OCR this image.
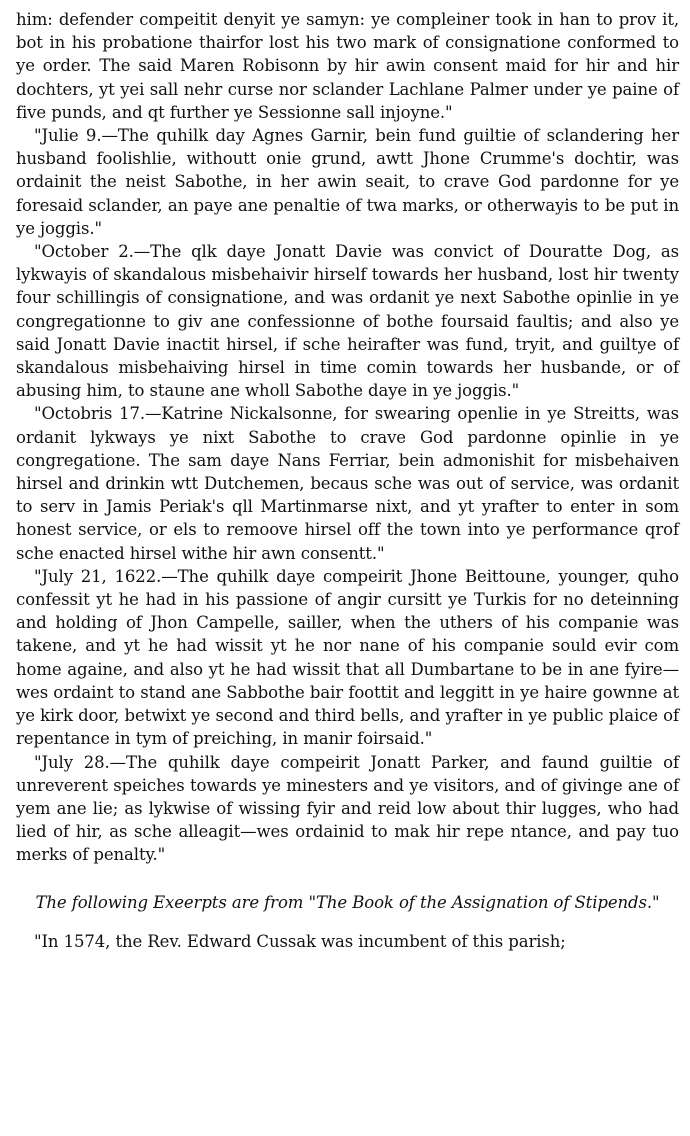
him: defender compeitit denyit ye samyn: ye compleiner took in han to prov it, bot in his probatione thairfor lost his two mark of consignatione conformed to ye order. The said Maren Robisonn by hir awin consent maid for hir and hir dochters, yt yei sall nehr curse nor sclander Lachlane Palmer under ye paine of five punds, and qt further ye Sessionne sall injoyne."

"Julie 9.—The quhilk day Agnes Garnir, bein fund guiltie of sclandering her husband foolishlie, withoutt onie grund, awtt Jhone Crumme's dochtir, was ordainit the neist Sabothe, in her awin seait, to crave God pardonne for ye foresaid sclander, an paye ane penaltie of twa marks, or otherwayis to be put in ye joggis."

"October 2.—The qlk daye Jonatt Davie was convict of Douratte Dog, as lykwayis of skandalous misbehaivir hirself towards her husband, lost hir twenty four schillingis of consignatione, and was ordanit ye next Sabothe opinlie in ye congregationne to giv ane confessionne of bothe foursaid faultis; and also ye said Jonatt Davie inactit hirsel, if sche heirafter was fund, tryit, and guiltye of skandalous misbehaiving hirsel in time comin towards her husbande, or of abusing him, to staune ane wholl Sabothe daye in ye joggis."

"Octobris 17.—Katrine Nickalsonne, for swearing openlie in ye Streitts, was ordanit lykways ye nixt Sabothe to crave God pardonne opinlie in ye congregatione. The sam daye Nans Ferriar, bein admonishit for misbehaiven hirsel and drinkin wtt Dutchemen, becaus sche was out of service, was ordanit to serv in Jamis Periak's qll Martinmarse nixt, and yt yrafter to enter in som honest service, or els to remoove hirsel off the town into ye performance qrof sche enacted hirsel withe hir awn consentt."

"July 21, 1622.—The quhilk daye compeirit Jhone Beittoune, younger, quho confessit yt he had in his passione of angir cursitt ye Turkis for no deteinning and holding of Jhon Campelle, sailler, when the uthers of his companie was takene, and yt he had wissit yt he nor nane of his companie sould evir com home againe, and also yt he had wissit that all Dumbartane to be in ane fyire—wes ordaint to stand ane Sabbothe bair foottit and leggitt in ye haire gownne at ye kirk door, betwixt ye second and third bells, and yrafter in ye public plaice of repentance in tym of preiching, in manir foirsaid."

"July 28.—The quhilk daye compeirit Jonatt Parker, and faund guiltie of unreverent speiches towards ye minesters and ye visitors, and of givinge ane of yem ane lie; as lykwise of wissing fyir and reid low about thir lugges, who had lied of hir, as sche alleagit—wes ordainid to mak hir repe ntance, and pay tuo merks of penalty."

The following Exeerpts are from "The Book of the Assignation of Stipends."

"In 1574, the Rev. Edward Cussak was incumbent of this parish;
